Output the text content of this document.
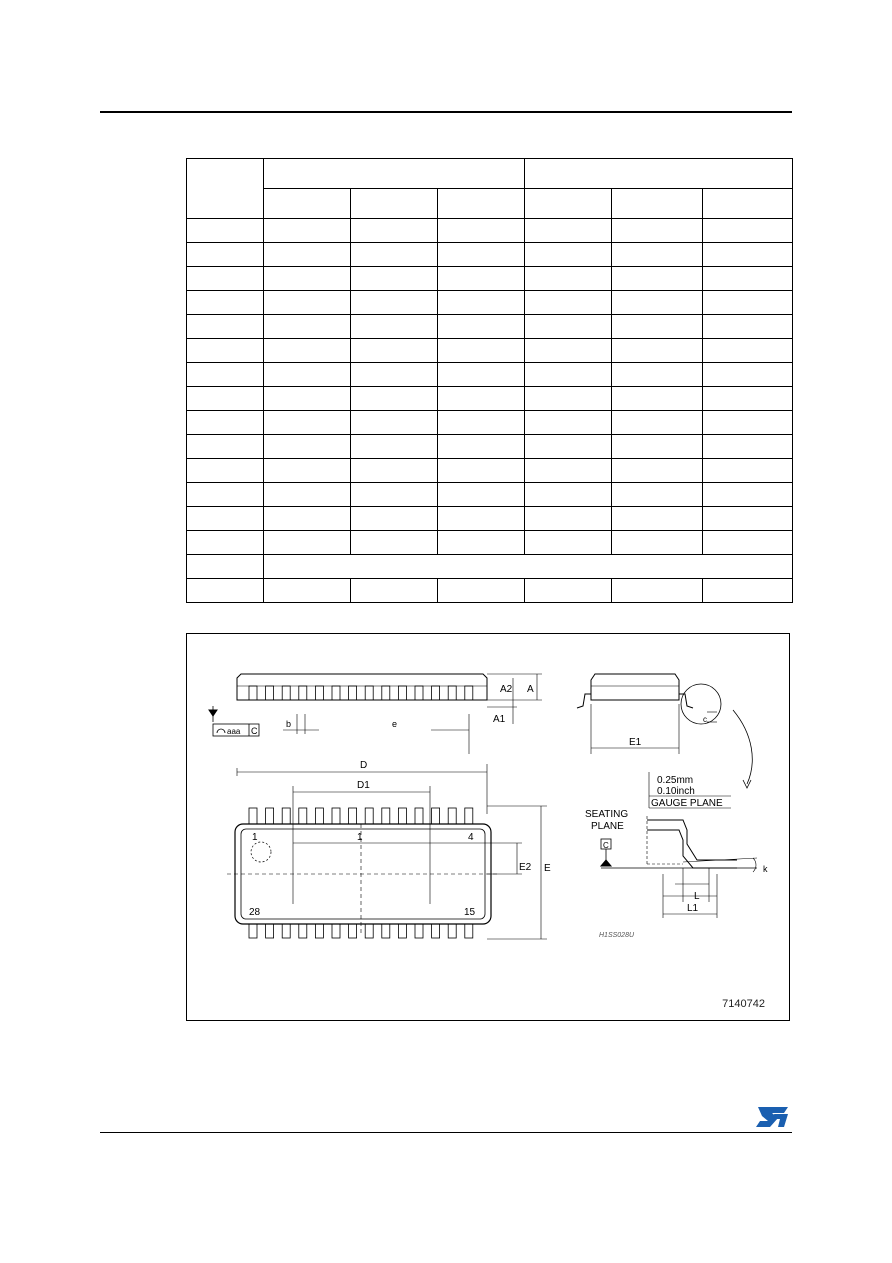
A2 A
A1
aaa C
b	e
D
D1
E2 E
1	1	4
28	15
E1
c
0.25mm
0.10inch
GAUGE PLANE
SEATING
PLANE
C
L
L1
k
H1SS028U
7140742
